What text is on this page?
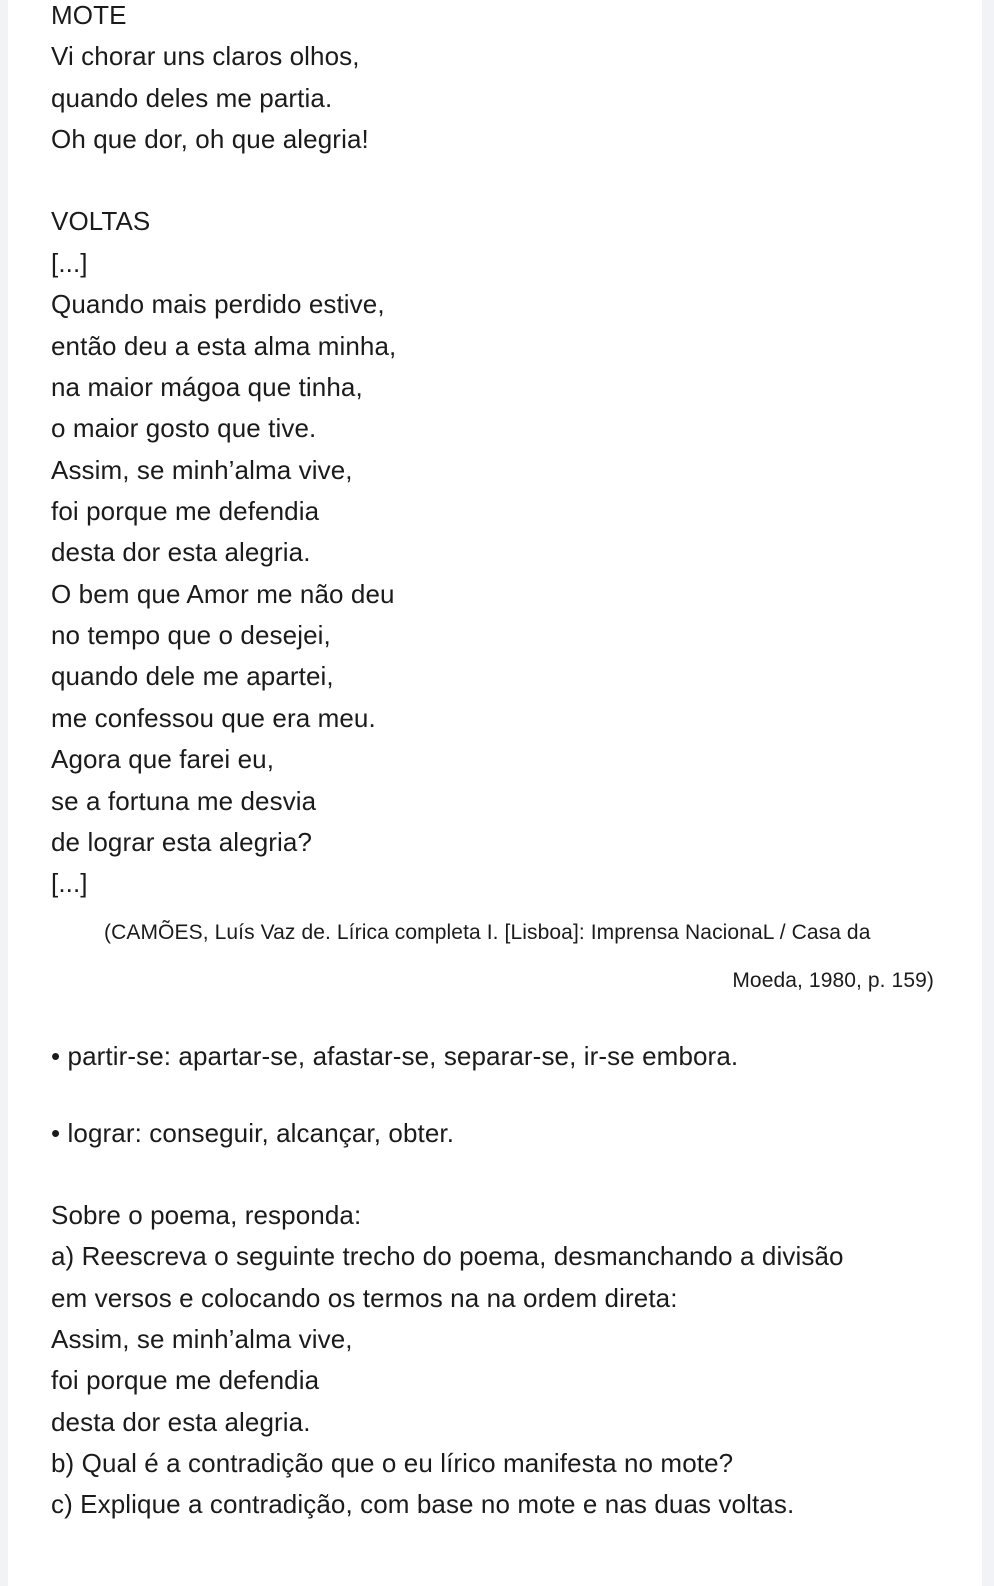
MOTE
Vi chorar uns claros olhos,
quando deles me partia.
Oh que dor, oh que alegria!
VOLTAS
[...]
Quando mais perdido estive,
então deu a esta alma minha,
na maior mágoa que tinha,
o maior gosto que tive.
Assim, se minh’alma vive,
foi porque me defendia
desta dor esta alegria.
O bem que Amor me não deu
no tempo que o desejei,
quando dele me apartei,
me confessou que era meu.
Agora que farei eu,
se a fortuna me desvia
de lograr esta alegria?
[...]
(CAMÕES, Luís Vaz de. Lírica completa I. [Lisboa]: Imprensa NacionaL / Casa da
Moeda, 1980, p. 159)
• partir-se: apartar-se, afastar-se, separar-se, ir-se embora.
• lograr: conseguir, alcançar, obter.
Sobre o poema, responda:
a) Reescreva o seguinte trecho do poema, desmanchando a divisão
em versos e colocando os termos na na ordem direta:
Assim, se minh’alma vive,
foi porque me defendia
desta dor esta alegria.
b) Qual é a contradição que o eu lírico manifesta no mote?
c) Explique a contradição, com base no mote e nas duas voltas.
